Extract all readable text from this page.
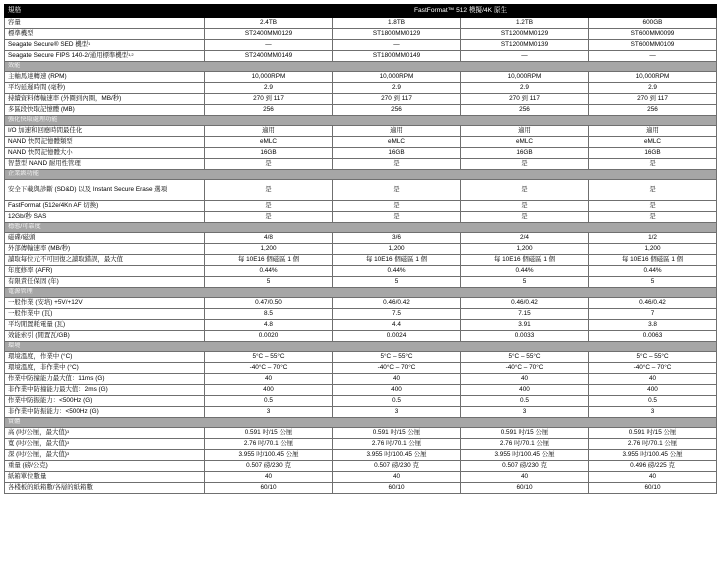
規格	FastFormat™ 512 模擬/4K 原生			
容量	2.4TB	1.8TB	1.2TB	600GB
標準機型	ST2400MM0129	ST1800MM0129	ST1200MM0129	ST600MM0099
Seagate Secure® SED 機型$^1$	—	—	ST1200MM0139	ST600MM0109
Seagate Secure FIPS 140-2/通用標準機型$^{1,2}$	ST2400MM0149	ST1800MM0149	—	—
效能				
主軸馬達轉速 (RPM)	10,000RPM	10,000RPM	10,000RPM	10,000RPM
平均延遲時間 (毫秒)	2.9	2.9	2.9	2.9
持續資料傳輸速率 (外圈到內圈，MB/秒)	270 到 117	270 到 117	270 到 117	270 到 117
多區段快取記憶體 (MB)	256	256	256	256
強化快取處理功能				
I/O 加速和回應時間最佳化	適用	適用	適用	適用
NAND 快閃記憶體類型	eMLC	eMLC	eMLC	eMLC
NAND 快閃記憶體大小	16GB	16GB	16GB	16GB
智慧型 NAND 耐用性管理	是	是	是	是
企業級功能				
安全下載與診斷 (SD&D) 以及 Instant Secure Erase 選項	是	是	是	是
FastFormat (512e/4Kn AF 切換)	是	是	是	是
12Gb/秒 SAS	是	是	是	是
穩態/可靠度				
磁碟/磁頭	4/8	3/6	2/4	1/2
外部傳輸速率 (MB/秒)	1,200	1,200	1,200	1,200
讀取每位元不可回復之讀取錯誤，最大值	每 10E16 個磁區 1 個	每 10E16 個磁區 1 個	每 10E16 個磁區 1 個	每 10E16 個磁區 1 個
年度修率 (AFR)	0.44%	0.44%	0.44%	0.44%
有限責任保固 (年)	5	5	5	5
電源管理				
一般作業 (安培) +5V/+12V	0.47/0.50	0.46/0.42	0.46/0.42	0.46/0.42
一般作業中 (瓦)	8.5	7.5	7.15	7
平均閒置耗電量 (瓦)	4.8	4.4	3.91	3.8
效能索引 (閒置瓦/GB)	0.0020	0.0024	0.0033	0.0063
環境				
環境溫度，作業中 (°C)	5°C – 55°C	5°C – 55°C	5°C – 55°C	5°C – 55°C
環境溫度，非作業中 (°C)	-40°C – 70°C	-40°C – 70°C	-40°C – 70°C	-40°C – 70°C
作業中防撞能力最大值：11ms (G)	40	40	40	40
非作業中防撞能力最大值：2ms (G)	400	400	400	400
作業中防振能力：<500Hz (G)	0.5	0.5	0.5	0.5
非作業中防振能力：<500Hz (G)	3	3	3	3
實體				
高 (吋/公厘，最大值)$^3$	0.591 吋/15 公厘	0.591 吋/15 公厘	0.591 吋/15 公厘	0.591 吋/15 公厘
寬 (吋/公厘，最大值)$^3$	2.76 吋/70.1 公厘	2.76 吋/70.1 公厘	2.76 吋/70.1 公厘	2.76 吋/70.1 公厘
深 (吋/公厘，最大值)$^3$	3.955 吋/100.45 公厘	3.955 吋/100.45 公厘	3.955 吋/100.45 公厘	3.955 吋/100.45 公厘
重量 (磅/公克)	0.507 磅/230 克	0.507 磅/230 克	0.507 磅/230 克	0.496 磅/225 克
紙箱單位數量	40	40	40	40
各棧板的紙箱數/各層的紙箱數	60/10	60/10	60/10	60/10
